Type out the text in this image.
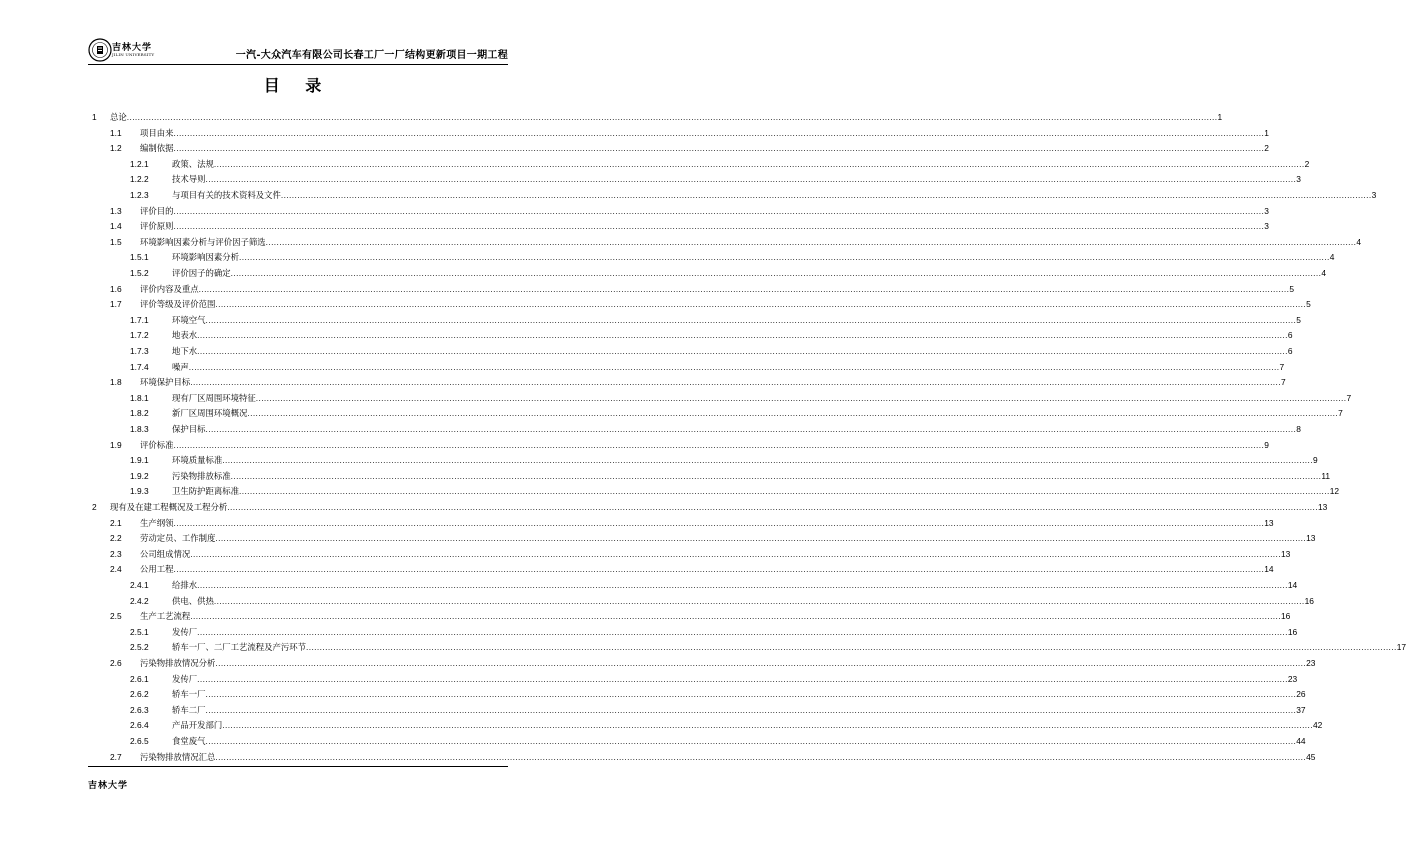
吉林大学
JILIN UNIVERSITY	一汽-大众汽车有限公司长春工厂一厂结构更新项目一期工程
目 录
1 总论 ................................................................................................................................................................................................................................................................................................................................................................................................................ 1
1.1 项目由来 ................................................................................................................................................................................................................................................................................................................................................................................................................ 1
1.2 编制依据 ................................................................................................................................................................................................................................................................................................................................................................................................................ 2
1.2.1	政策、法规 ................................................................................................................................................................................................................................................................................................................................................................................................................ 2
1.2.2	技术导则 ................................................................................................................................................................................................................................................................................................................................................................................................................ 3
1.2.3	与项目有关的技术资料及文件 ................................................................................................................................................................................................................................................................................................................................................................................................................ 3
1.3 评价目的 ................................................................................................................................................................................................................................................................................................................................................................................................................ 3
1.4 评价原则 ................................................................................................................................................................................................................................................................................................................................................................................................................ 3
1.5 环境影响因素分析与评价因子筛选 ................................................................................................................................................................................................................................................................................................................................................................................................................ 4
1.5.1	环境影响因素分析 ................................................................................................................................................................................................................................................................................................................................................................................................................ 4
1.5.2	评价因子的确定 ................................................................................................................................................................................................................................................................................................................................................................................................................ 4
1.6 评价内容及重点 ................................................................................................................................................................................................................................................................................................................................................................................................................ 5
1.7 评价等级及评价范围 ................................................................................................................................................................................................................................................................................................................................................................................................................ 5
1.7.1	环境空气 ................................................................................................................................................................................................................................................................................................................................................................................................................ 5
1.7.2	地表水 ................................................................................................................................................................................................................................................................................................................................................................................................................ 6
1.7.3	地下水 ................................................................................................................................................................................................................................................................................................................................................................................................................ 6
1.7.4	噪声 ................................................................................................................................................................................................................................................................................................................................................................................................................ 7
1.8 环境保护目标 ................................................................................................................................................................................................................................................................................................................................................................................................................ 7
1.8.1	现有厂区周围环境特征 ................................................................................................................................................................................................................................................................................................................................................................................................................ 7
1.8.2	新厂区周围环境概况 ................................................................................................................................................................................................................................................................................................................................................................................................................ 7
1.8.3	保护目标 ................................................................................................................................................................................................................................................................................................................................................................................................................ 8
1.9 评价标准 ................................................................................................................................................................................................................................................................................................................................................................................................................ 9
1.9.1	环境质量标准 ................................................................................................................................................................................................................................................................................................................................................................................................................ 9
1.9.2	污染物排放标准 ................................................................................................................................................................................................................................................................................................................................................................................................................ 11
1.9.3	卫生防护距离标准 ................................................................................................................................................................................................................................................................................................................................................................................................................ 12
2 现有及在建工程概况及工程分析 ................................................................................................................................................................................................................................................................................................................................................................................................................ 13
2.1 生产纲领 ................................................................................................................................................................................................................................................................................................................................................................................................................ 13
2.2 劳动定员、工作制度 ................................................................................................................................................................................................................................................................................................................................................................................................................ 13
2.3 公司组成情况 ................................................................................................................................................................................................................................................................................................................................................................................................................ 13
2.4 公用工程 ................................................................................................................................................................................................................................................................................................................................................................................................................ 14
2.4.1	给排水 ................................................................................................................................................................................................................................................................................................................................................................................................................ 14
2.4.2	供电、供热 ................................................................................................................................................................................................................................................................................................................................................................................................................ 16
2.5 生产工艺流程 ................................................................................................................................................................................................................................................................................................................................................................................................................ 16
2.5.1	发传厂 ................................................................................................................................................................................................................................................................................................................................................................................................................ 16
2.5.2	轿车一厂、二厂工艺流程及产污环节 ................................................................................................................................................................................................................................................................................................................................................................................................................ 17
2.6 污染物排放情况分析 ................................................................................................................................................................................................................................................................................................................................................................................................................ 23
2.6.1	发传厂 ................................................................................................................................................................................................................................................................................................................................................................................................................ 23
2.6.2	轿车一厂 ................................................................................................................................................................................................................................................................................................................................................................................................................ 26
2.6.3	轿车二厂 ................................................................................................................................................................................................................................................................................................................................................................................................................ 37
2.6.4	产品开发部门 ................................................................................................................................................................................................................................................................................................................................................................................................................ 42
2.6.5	食堂废气 ................................................................................................................................................................................................................................................................................................................................................................................................................ 44
2.7 污染物排放情况汇总 ................................................................................................................................................................................................................................................................................................................................................................................................................ 45
吉林大学
